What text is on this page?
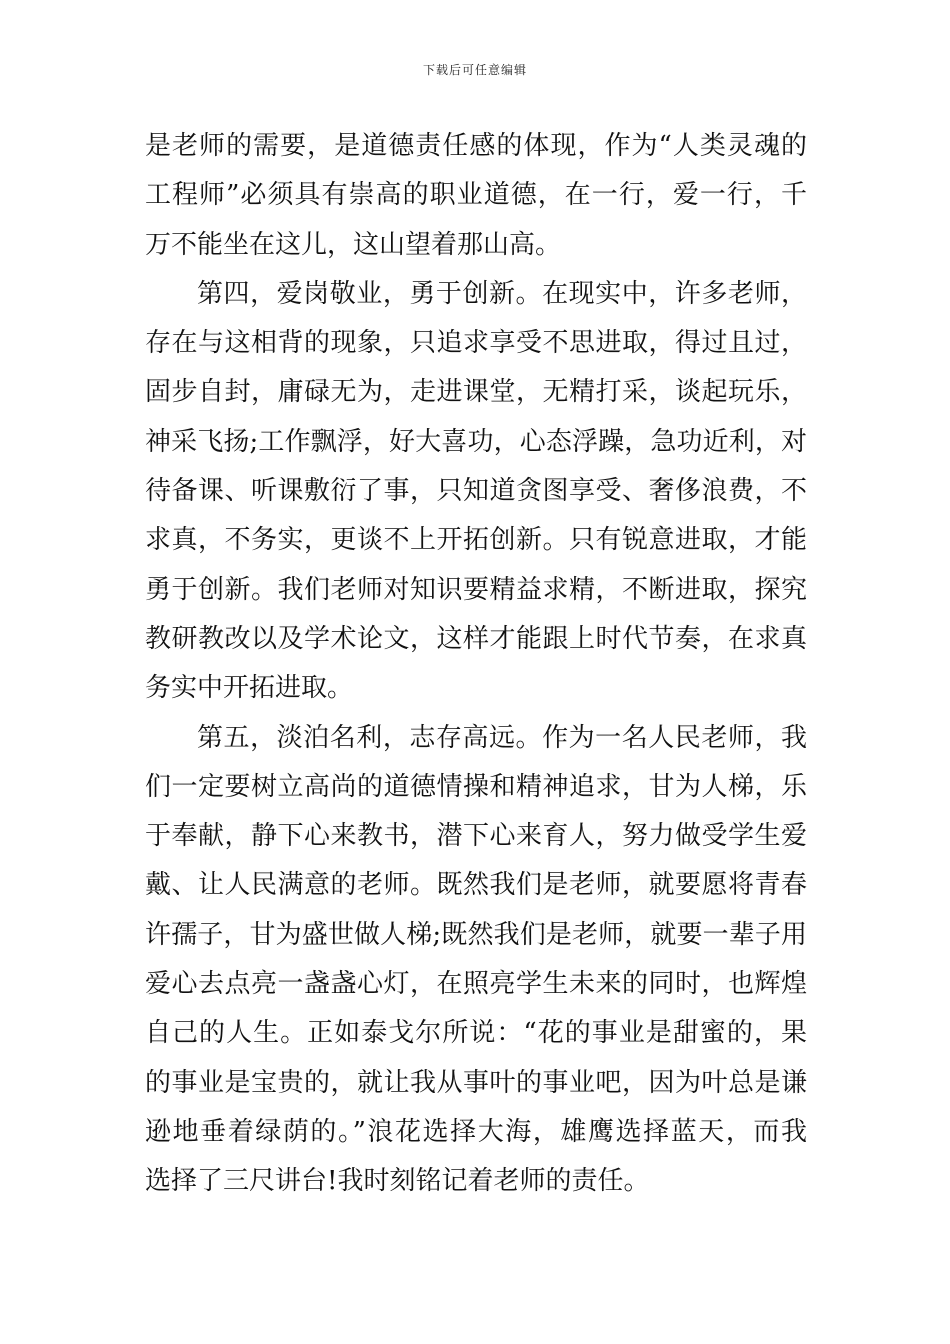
下载后可任意编辑
是老师的需要，是道德责任感的体现，作为“人类灵魂的
工程师”必须具有崇高的职业道德，在一行，爱一行，千
万不能坐在这儿，这山望着那山高。
第四，爱岗敬业，勇于创新。在现实中，许多老师，
存在与这相背的现象，只追求享受不思进取，得过且过，
固步自封，庸碌无为，走进课堂，无精打采，谈起玩乐，
神采飞扬;工作飘浮，好大喜功，心态浮躁，急功近利，对
待备课、听课敷衍了事，只知道贪图享受、奢侈浪费，不
求真，不务实，更谈不上开拓创新。只有锐意进取，才能
勇于创新。我们老师对知识要精益求精，不断进取，探究
教研教改以及学术论文，这样才能跟上时代节奏，在求真
务实中开拓进取。
第五，淡泊名利，志存高远。作为一名人民老师，我
们一定要树立高尚的道德情操和精神追求，甘为人梯，乐
于奉献，静下心来教书，潜下心来育人，努力做受学生爱
戴、让人民满意的老师。既然我们是老师，就要愿将青春
许孺子，甘为盛世做人梯;既然我们是老师，就要一辈子用
爱心去点亮一盏盏心灯，在照亮学生未来的同时，也辉煌
自己的人生。正如泰戈尔所说：“花的事业是甜蜜的，果
的事业是宝贵的，就让我从事叶的事业吧，因为叶总是谦
逊地垂着绿荫的。”浪花选择大海，雄鹰选择蓝天，而我
选择了三尺讲台!我时刻铭记着老师的责任。
